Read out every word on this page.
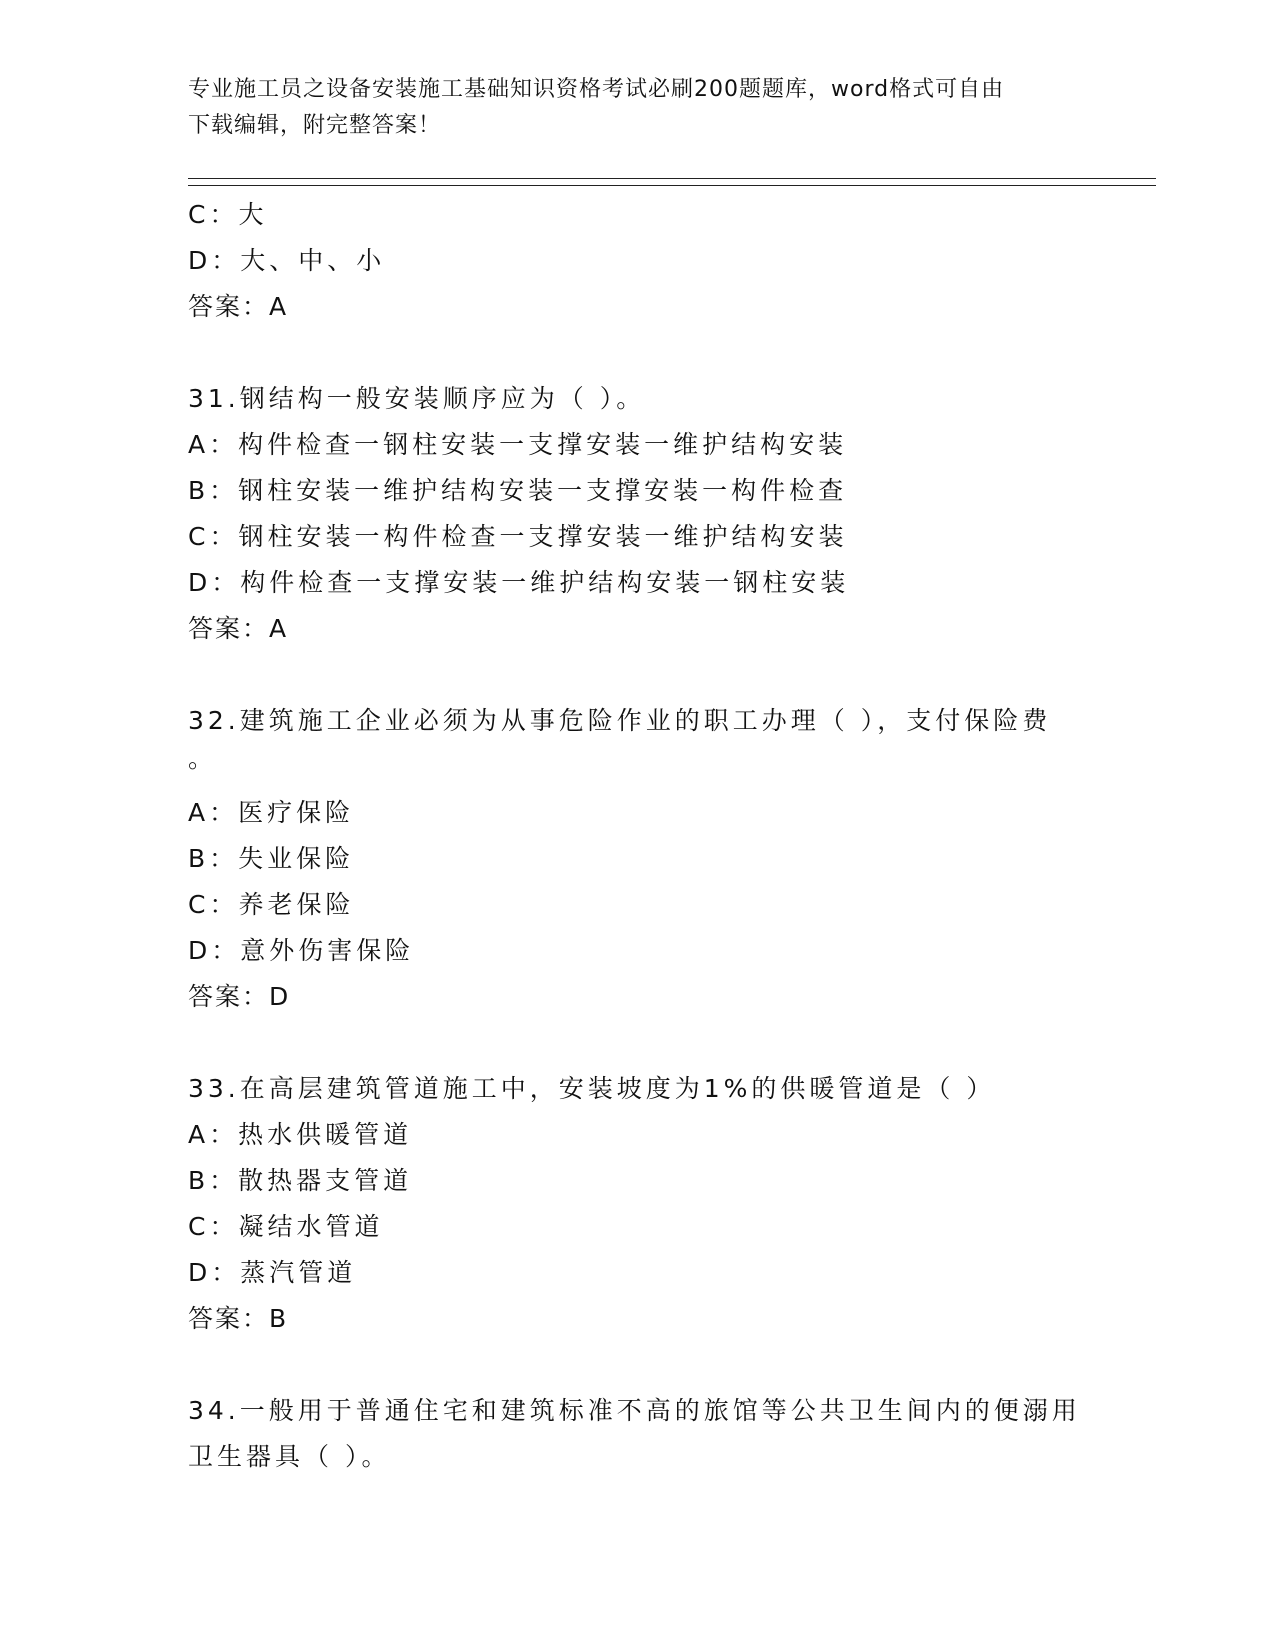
专业施工员之设备安装施工基础知识资格考试必刷200题题库，word格式可自由
下载编辑，附完整答案！
C：大
D：大、中、小
答案：A
31.钢结构一般安装顺序应为（ ）。
A：构件检查一钢柱安装一支撑安装一维护结构安装
B：钢柱安装一维护结构安装一支撑安装一构件检查
C：钢柱安装一构件检查一支撑安装一维护结构安装
D：构件检查一支撑安装一维护结构安装一钢柱安装
答案：A
32.建筑施工企业必须为从事危险作业的职工办理（ ），支付保险费
。
A：医疗保险
B：失业保险
C：养老保险
D：意外伤害保险
答案：D
33.在高层建筑管道施工中，安装坡度为1%的供暖管道是（ ）
A：热水供暖管道
B：散热器支管道
C：凝结水管道
D：蒸汽管道
答案：B
34.一般用于普通住宅和建筑标准不高的旅馆等公共卫生间内的便溺用
卫生器具（ ）。
